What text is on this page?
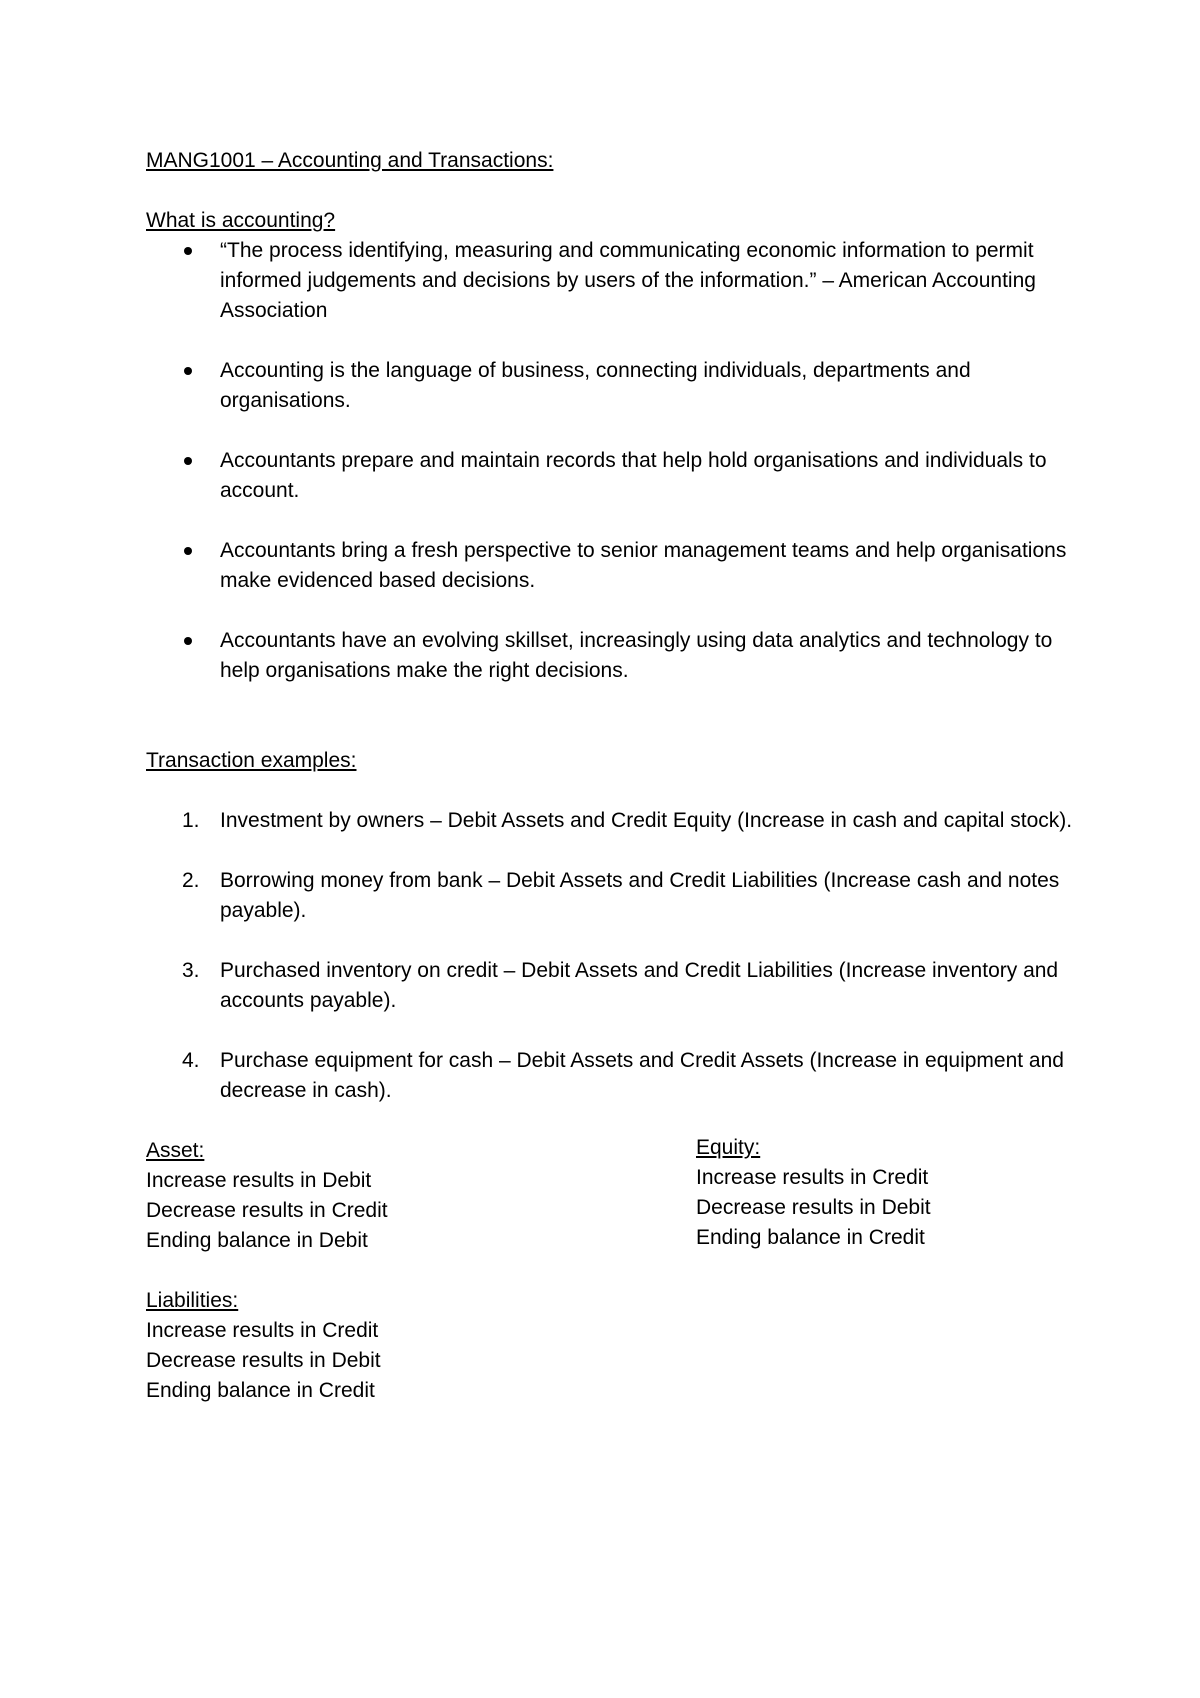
MANG1001 – Accounting and Transactions:

What is accounting?

“The process identifying, measuring and communicating economic information to permit informed judgements and decisions by users of the information.” – American Accounting Association
Accounting is the language of business, connecting individuals, departments and organisations.
Accountants prepare and maintain records that help hold organisations and individuals to account.
Accountants bring a fresh perspective to senior management teams and help organisations make evidenced based decisions.
Accountants have an evolving skillset, increasingly using data analytics and technology to help organisations make the right decisions.

Transaction examples:

1. Investment by owners – Debit Assets and Credit Equity (Increase in cash and capital stock).
2. Borrowing money from bank – Debit Assets and Credit Liabilities (Increase cash and notes payable).
3. Purchased inventory on credit – Debit Assets and Credit Liabilities (Increase inventory and accounts payable).
4. Purchase equipment for cash – Debit Assets and Credit Assets (Increase in equipment and decrease in cash).

Asset:

Increase results in Debit

Decrease results in Credit

Ending balance in Debit

Liabilities:

Increase results in Credit

Decrease results in Debit

Ending balance in Credit

Equity:

Increase results in Credit

Decrease results in Debit

Ending balance in Credit
